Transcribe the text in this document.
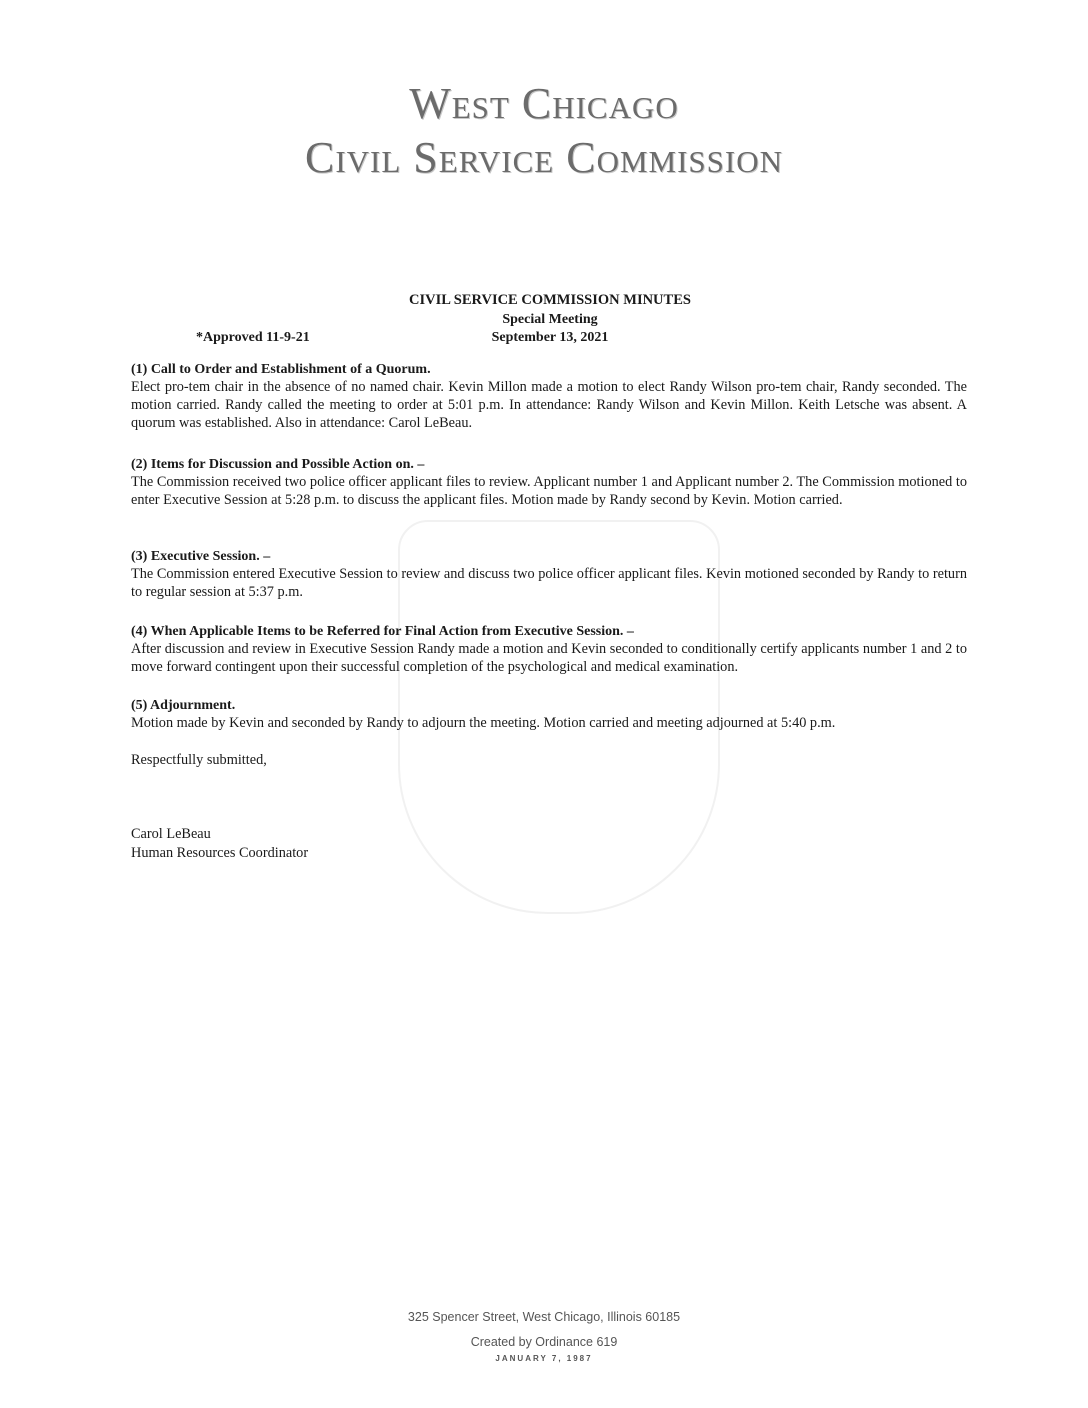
West Chicago
Civil Service Commission
CIVIL SERVICE COMMISSION MINUTES
Special Meeting
*Approved 11-9-21	September 13, 2021
(1) Call to Order and Establishment of a Quorum.
Elect pro-tem chair in the absence of no named chair. Kevin Millon made a motion to elect Randy Wilson pro-tem chair, Randy seconded. The motion carried. Randy called the meeting to order at 5:01 p.m. In attendance: Randy Wilson and Kevin Millon. Keith Letsche was absent. A quorum was established. Also in attendance: Carol LeBeau.
(2) Items for Discussion and Possible Action on. –
The Commission received two police officer applicant files to review. Applicant number 1 and Applicant number 2. The Commission motioned to enter Executive Session at 5:28 p.m. to discuss the applicant files. Motion made by Randy second by Kevin. Motion carried.
(3) Executive Session. –
The Commission entered Executive Session to review and discuss two police officer applicant files. Kevin motioned seconded by Randy to return to regular session at 5:37 p.m.
(4) When Applicable Items to be Referred for Final Action from Executive Session. –
After discussion and review in Executive Session Randy made a motion and Kevin seconded to conditionally certify applicants number 1 and 2 to move forward contingent upon their successful completion of the psychological and medical examination.
(5) Adjournment.
Motion made by Kevin and seconded by Randy to adjourn the meeting. Motion carried and meeting adjourned at 5:40 p.m.
Respectfully submitted,
Carol LeBeau
Human Resources Coordinator
325 Spencer Street, West Chicago, Illinois 60185
Created by Ordinance 619
JANUARY 7, 1987
